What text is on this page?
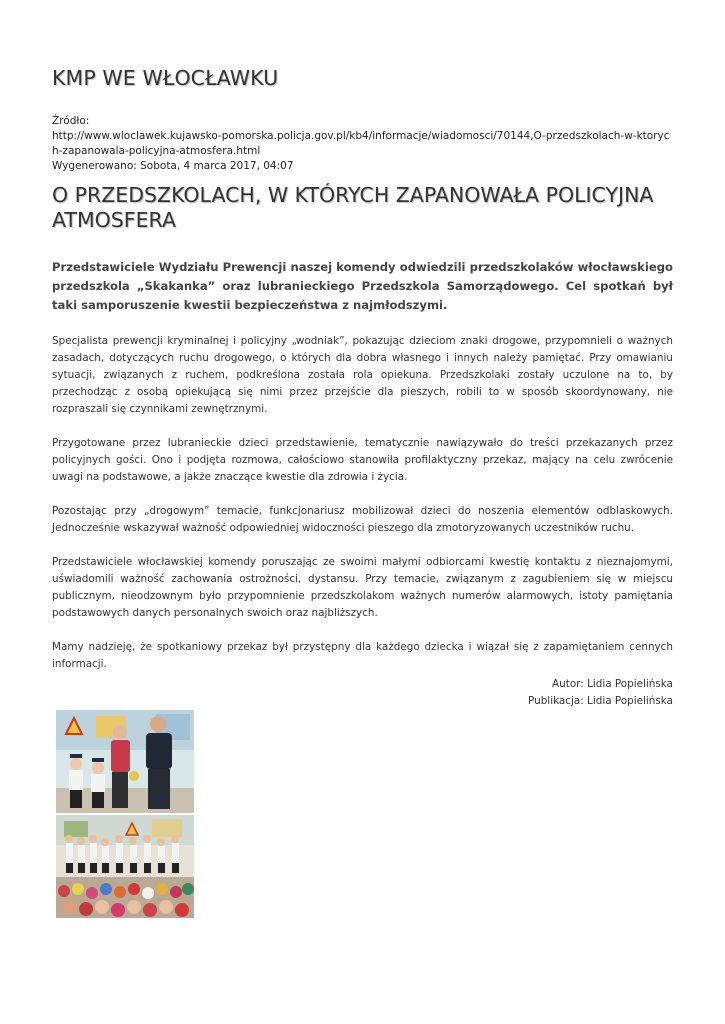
KMP WE WŁOCŁAWKU
Źródło:
http://www.wloclawek.kujawsko-pomorska.policja.gov.pl/kb4/informacje/wiadomosci/70144,O-przedszkolach-w-ktorych-zapanowala-policyjna-atmosfera.html
Wygenerowano: Sobota, 4 marca 2017, 04:07
O PRZEDSZKOLACH, W KTÓRYCH ZAPANOWAŁA POLICYJNA ATMOSFERA

Przedstawiciele Wydziału Prewencji naszej komendy odwiedzili przedszkolaków włocławskiego przedszkola „Skakanka” oraz lubranieckiego Przedszkola Samorządowego. Cel spotkań był taki samporuszenie kwestii bezpieczeństwa z najmłodszymi.

Specjalista prewencji kryminalnej i policyjny „wodniak”, pokazując dzieciom znaki drogowe, przypomnieli o ważnych zasadach, dotyczących ruchu drogowego, o których dla dobra własnego i innych należy pamiętać. Przy omawianiu sytuacji, związanych z ruchem, podkreślona została rola opiekuna. Przedszkolaki zostały uczulone na to, by przechodząc z osobą opiekującą się nimi przez przejście dla pieszych, robili to w sposób skoordynowany, nie rozpraszali się czynnikami zewnętrznymi.

Przygotowane przez lubranieckie dzieci przedstawienie, tematycznie nawiązywało do treści przekazanych przez policyjnych gości. Ono i podjęta rozmowa, całościowo stanowiła profilaktyczny przekaz, mający na celu zwrócenie uwagi na podstawowe, a jakże znaczące kwestie dla zdrowia i życia.

Pozostając przy „drogowym” temacie, funkcjonariusz mobilizował dzieci do noszenia elementów odblaskowych. Jednocześnie wskazywał ważność odpowiedniej widoczności pieszego dla zmotoryzowanych uczestników ruchu.

Przedstawiciele włocławskiej komendy poruszając ze swoimi małymi odbiorcami kwestię kontaktu z nieznajomymi, uświadomili ważność zachowania ostrożności, dystansu. Przy temacie, związanym z zagubieniem się w miejscu publicznym, nieodzownym było przypomnienie przedszkolakom ważnych numerów alarmowych, istoty pamiętania podstawowych danych personalnych swoich oraz najbliższych.

Mamy nadzieję, że spotkaniowy przekaz był przystępny dla każdego dziecka i wiązał się z zapamiętaniem cennych informacji.

Autor: Lidia Popielińska
Publikacja: Lidia Popielińska
